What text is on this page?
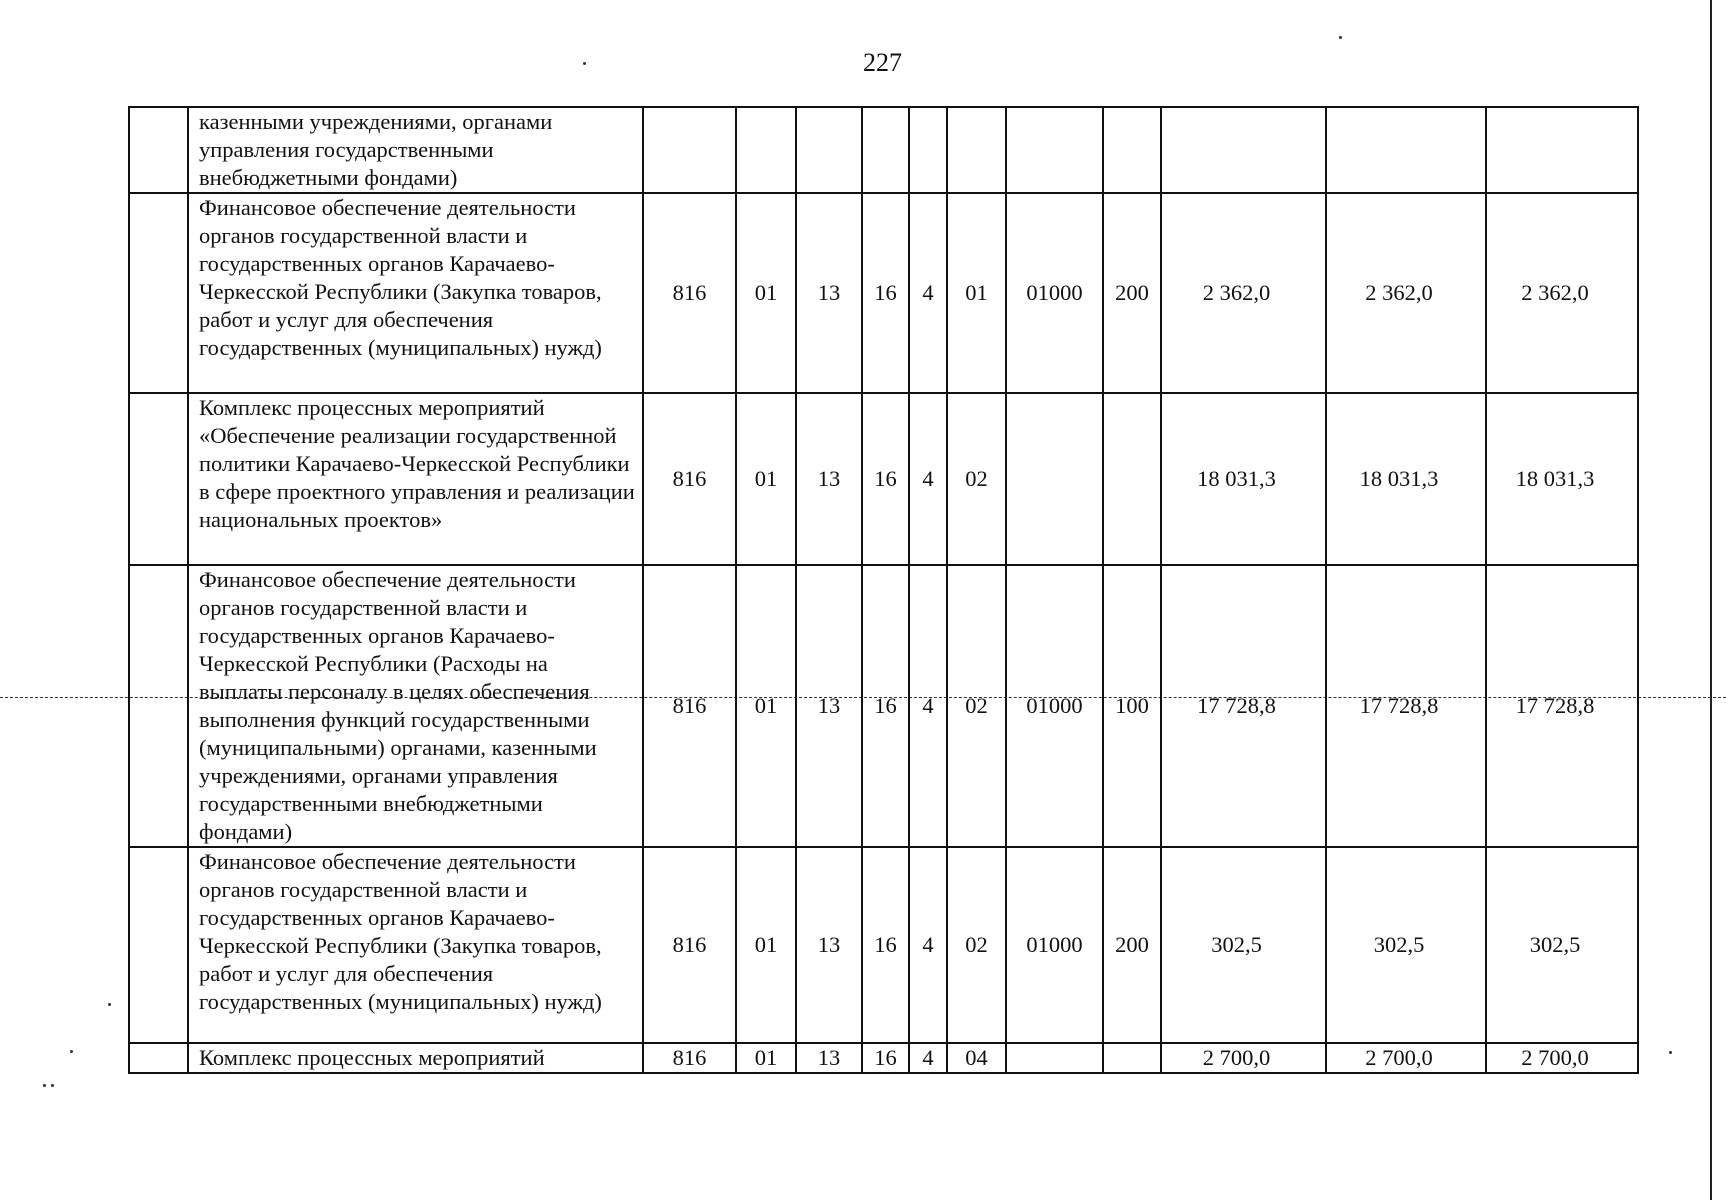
227

	казенными учреждениями, органами управления государственными внебюджетными фондами)											

	Финансовое обеспечение деятельности органов государственной власти и государственных органов Карачаево-Черкесской Республики (Закупка товаров, работ и услуг для обеспечения государственных (муниципальных) нужд)	816	01	13	16	4	01	01000	200	2 362,0	2 362,0	2 362,0

	Комплекс процессных мероприятий «Обеспечение реализации государственной политики Карачаево-Черкесской Республики в сфере проектного управления и реализации национальных проектов»	816	01	13	16	4	02			18 031,3	18 031,3	18 031,3

	Финансовое обеспечение деятельности органов государственной власти и государственных органов Карачаево-Черкесской Республики (Расходы на выплаты персоналу в целях обеспечения выполнения функций государственными (муниципальными) органами, казенными учреждениями, органами управления государственными внебюджетными фондами)	816	01	13	16	4	02	01000	100	17 728,8	17 728,8	17 728,8

	Финансовое обеспечение деятельности органов государственной власти и государственных органов Карачаево-Черкесской Республики (Закупка товаров, работ и услуг для обеспечения государственных (муниципальных) нужд)	816	01	13	16	4	02	01000	200	302,5	302,5	302,5

	Комплекс процессных мероприятий	816	01	13	16	4	04			2 700,0	2 700,0	2 700,0
